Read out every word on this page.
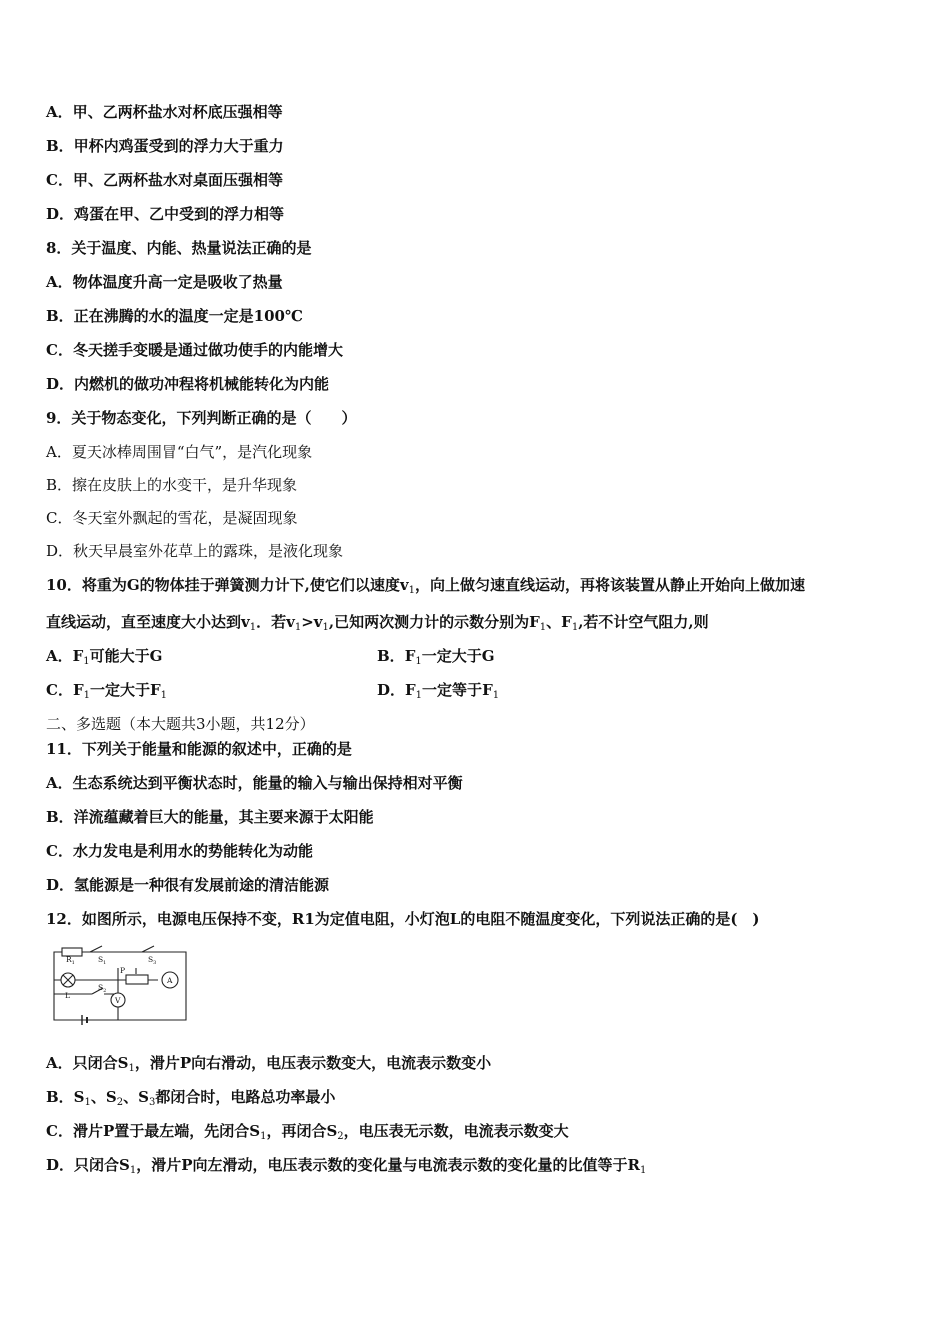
A．甲、乙两杯盐水对杯底压强相等
B．甲杯内鸡蛋受到的浮力大于重力
C．甲、乙两杯盐水对桌面压强相等
D．鸡蛋在甲、乙中受到的浮力相等
8．关于温度、内能、热量说法正确的是
A．物体温度升高一定是吸收了热量
B．正在沸腾的水的温度一定是100℃
C．冬天搓手变暖是通过做功使手的内能增大
D．内燃机的做功冲程将机械能转化为内能
9．关于物态变化，下列判断正确的是（　　）
A．夏天冰棒周围冒“白气”，是汽化现象
B．擦在皮肤上的水变干，是升华现象
C．冬天室外飘起的雪花，是凝固现象
D．秋天早晨室外花草上的露珠，是液化现象
10．将重为G的物体挂于弹簧测力计下,使它们以速度$v_1$，向上做匀速直线运动，再将该装置从静止开始向上做加速
直线运动，直至速度大小达到$v_1$．若$v_1>v_1$,已知两次测力计的示数分别为$F_1$、$F_1$,若不计空气阻力,则
A．$F_1$可能大于G	B．$F_1$一定大于G
C．$F_1$一定大于$F_1$	D．$F_1$一定等于$F_1$
二、多选题（本大题共3小题，共12分）
11．下列关于能量和能源的叙述中，正确的是
A．生态系统达到平衡状态时，能量的输入与输出保持相对平衡
B．洋流蕴藏着巨大的能量，其主要来源于太阳能
C．水力发电是利用水的势能转化为动能
D．氢能源是一种很有发展前途的清洁能源
12．如图所示，电源电压保持不变，R1为定值电阻，小灯泡L的电阻不随温度变化，下列说法正确的是(　)
$R_1$	$S_1$	$S_3$
P
A
L
$S_2$
V
A．只闭合$S_1$，滑片P向右滑动，电压表示数变大，电流表示数变小
B．$S_1$、$S_2$、$S_3$都闭合时，电路总功率最小
C．滑片P置于最左端，先闭合$S_1$，再闭合$S_2$，电压表无示数，电流表示数变大
D．只闭合$S_1$，滑片P向左滑动，电压表示数的变化量与电流表示数的变化量的比值等于$R_1$
